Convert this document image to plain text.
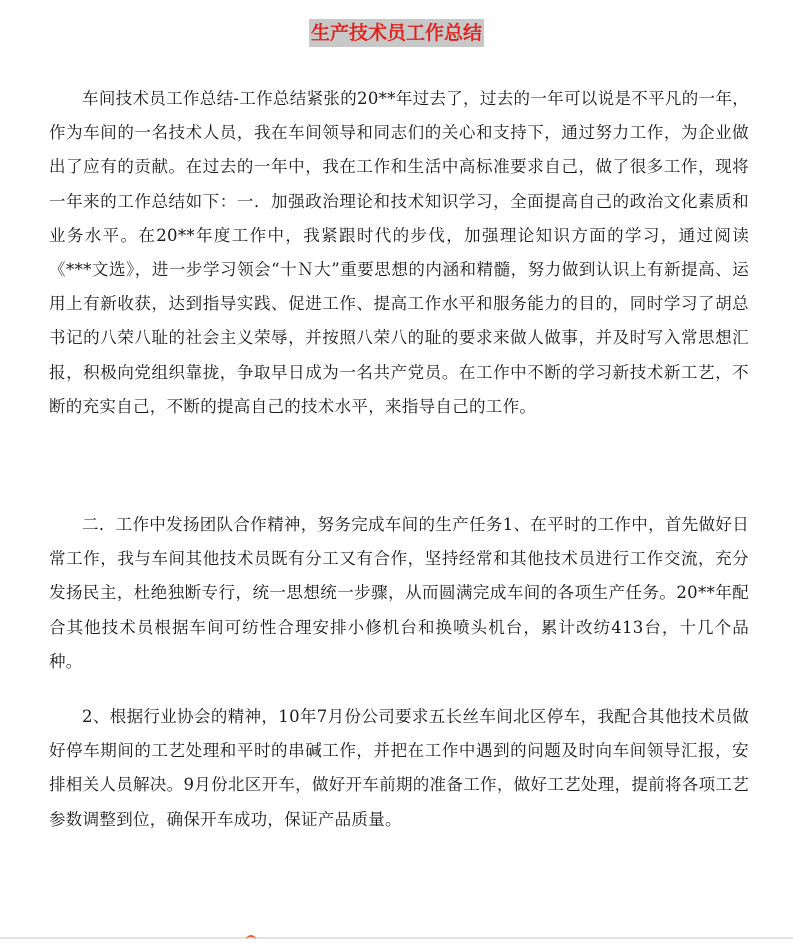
生产技术员工作总结

车间技术员工作总结-工作总结紧张的20**年过去了，过去的一年可以说是不平凡的一年，作为车间的一名技术人员，我在车间领导和同志们的关心和支持下，通过努力工作，为企业做出了应有的贡献。在过去的一年中，我在工作和生活中高标准要求自己，做了很多工作，现将一年来的工作总结如下：一．加强政治理论和技术知识学习，全面提高自己的政治文化素质和业务水平。在20**年度工作中，我紧跟时代的步伐，加强理论知识方面的学习，通过阅读《***文选》，进一步学习领会“十Ｎ大”重要思想的内涵和精髓，努力做到认识上有新提高、运用上有新收获，达到指导实践、促进工作、提高工作水平和服务能力的目的，同时学习了胡总书记的八荣八耻的社会主义荣辱，并按照八荣八的耻的要求来做人做事，并及时写入常思想汇报，积极向党组织靠拢，争取早日成为一名共产党员。在工作中不断的学习新技术新工艺，不断的充实自己，不断的提高自己的技术水平，来指导自己的工作。

二．工作中发扬团队合作精神，努务完成车间的生产任务1、在平时的工作中，首先做好日常工作，我与车间其他技术员既有分工又有合作，坚持经常和其他技术员进行工作交流，充分发扬民主，杜绝独断专行，统一思想统一步骤，从而圆满完成车间的各项生产任务。20**年配合其他技术员根据车间可纺性合理安排小修机台和换喷头机台，累计改纺413台，十几个品种。

2、根据行业协会的精神，10年7月份公司要求五长丝车间北区停车，我配合其他技术员做好停车期间的工艺处理和平时的串碱工作，并把在工作中遇到的问题及时向车间领导汇报，安排相关人员解决。9月份北区开车，做好开车前期的准备工作，做好工艺处理，提前将各项工艺参数调整到位，确保开车成功，保证产品质量。
